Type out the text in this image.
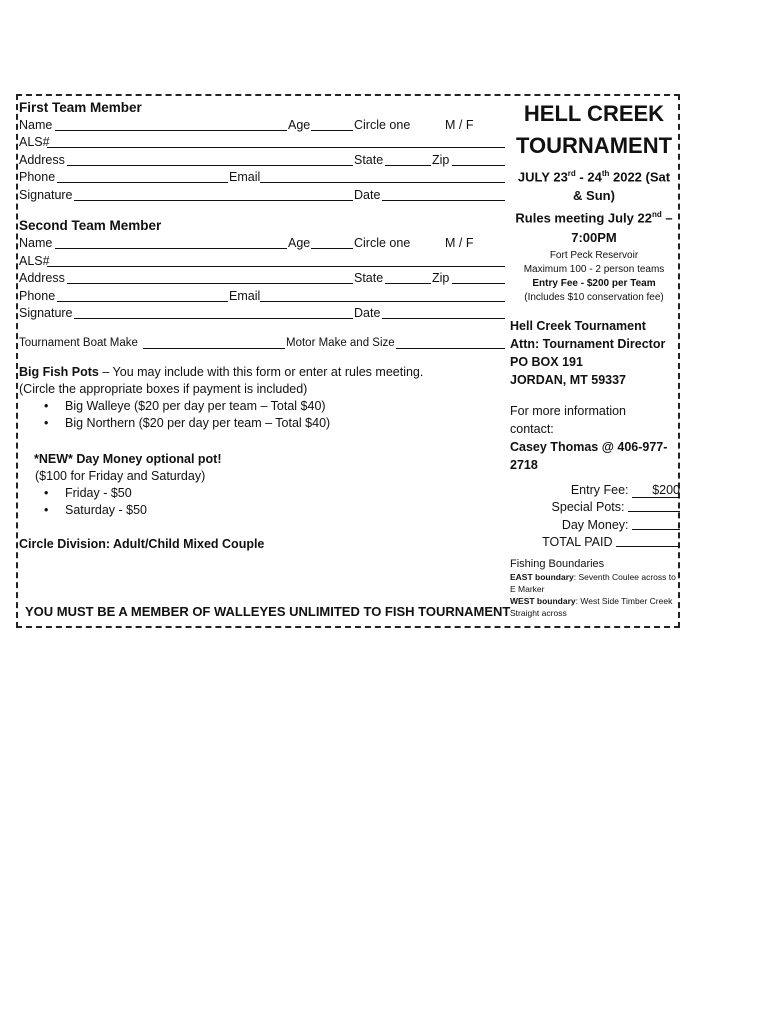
First Team Member
Name	Age	Circle one	M / F
ALS#
Address	State	Zip
Phone	Email
Signature	Date
Second Team Member
Name	Age	Circle one	M / F
ALS#
Address	State	Zip
Phone	Email
Signature	Date
Tournament Boat Make	Motor Make and Size
Big Fish Pots – You may include with this form or enter at rules meeting.
(Circle the appropriate boxes if payment is included)
• Big Walleye ($20 per day per team – Total $40)
• Big Northern ($20 per day per team – Total $40)
*NEW* Day Money optional pot!
($100 for Friday and Saturday)
• Friday - $50
• Saturday - $50
Circle Division: Adult/Child Mixed Couple
YOU MUST BE A MEMBER OF WALLEYES UNLIMITED TO FISH TOURNAMENT
HELL CREEK
TOURNAMENT
JULY 23rd - 24th 2022 (Sat
& Sun)
Rules meeting July 22nd –
7:00PM
Fort Peck Reservoir
Maximum 100 - 2 person teams
Entry Fee - $200 per Team
(Includes $10 conservation fee)
Hell Creek Tournament
Attn: Tournament Director
PO BOX 191
JORDAN, MT 59337
For more information
contact:
Casey Thomas @ 406-977-
2718
Entry Fee: $200
Special Pots:
Day Money:
TOTAL PAID
Fishing Boundaries
EAST boundary: Seventh Coulee across to
E Marker
WEST boundary: West Side Timber Creek
Straight across
